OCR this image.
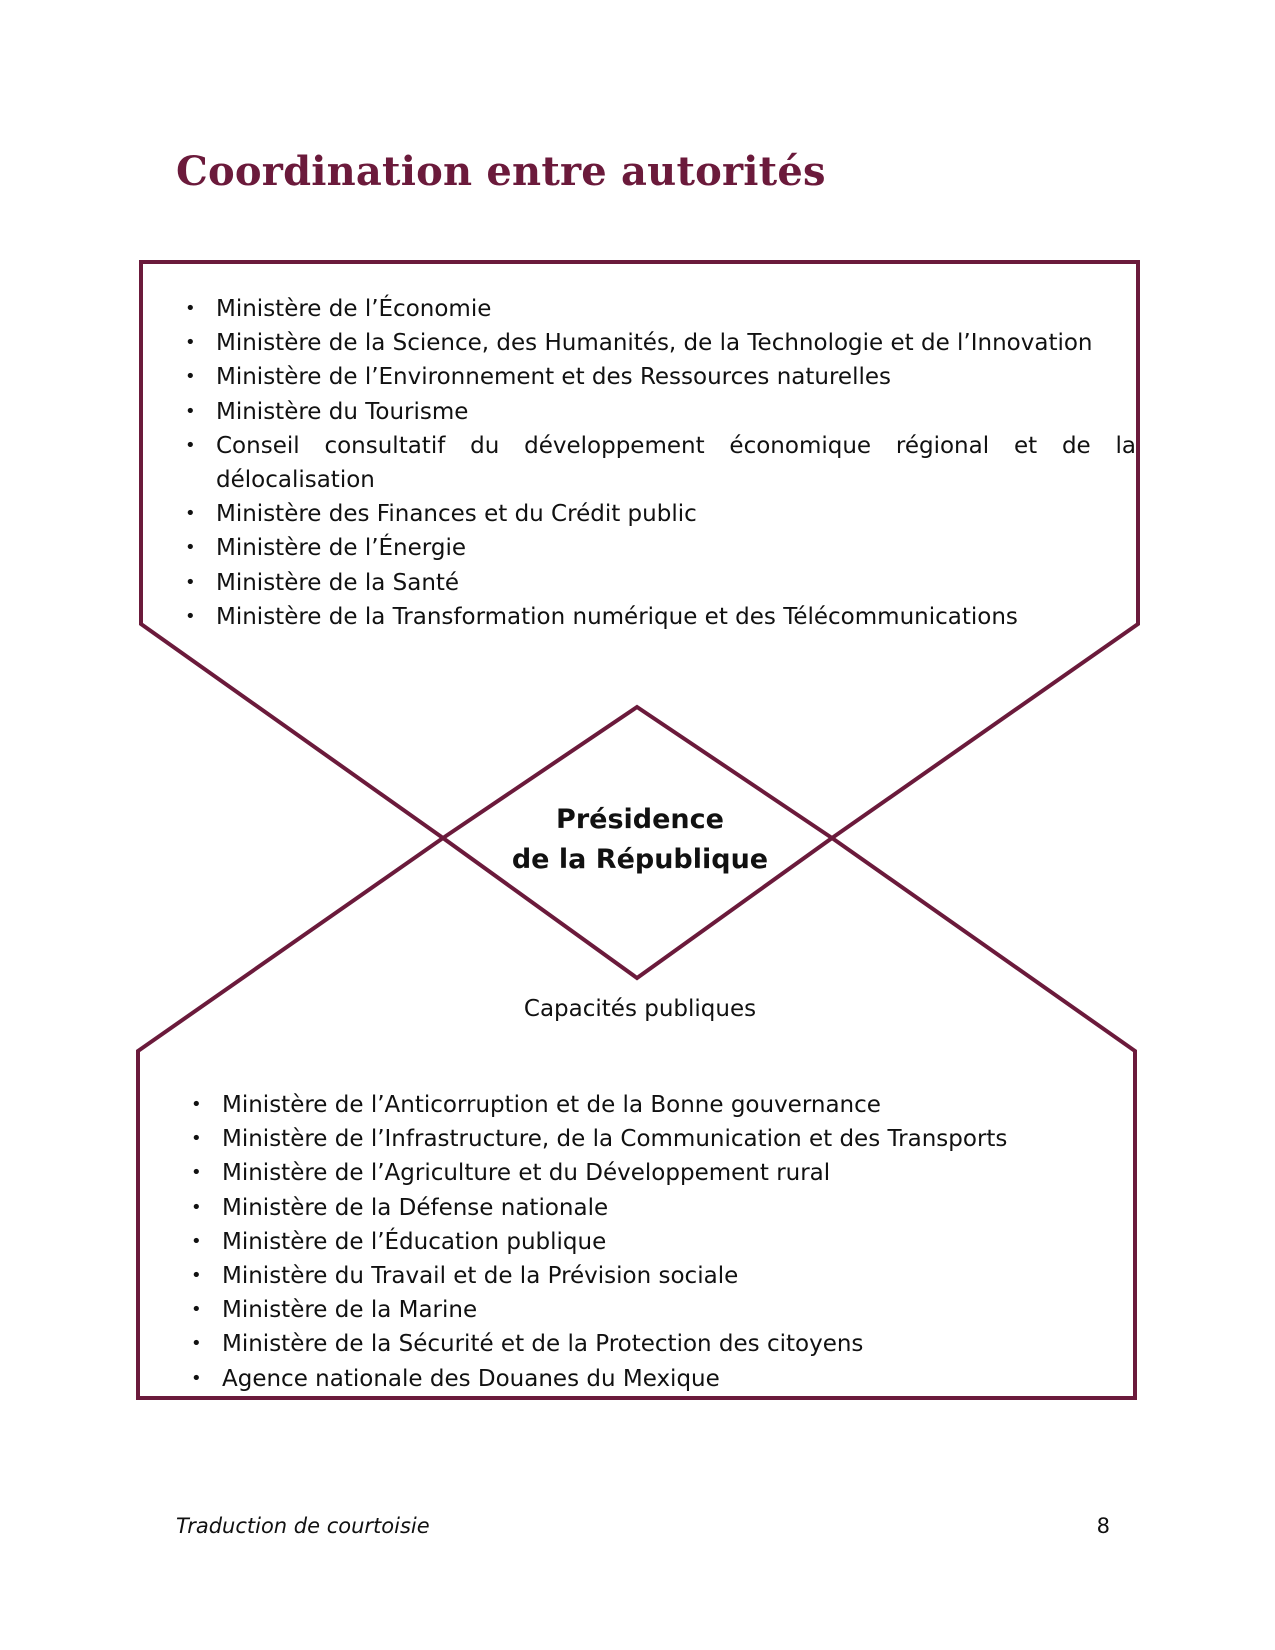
Coordination entre autorités
• Ministère de l’Économie
• Ministère de la Science, des Humanités, de la Technologie et de l’Innovation
• Ministère de l’Environnement et des Ressources naturelles
• Ministère du Tourisme
• Conseil consultatif du développement économique régional et de la délocalisation
• Ministère des Finances et du Crédit public
• Ministère de l’Énergie
• Ministère de la Santé
• Ministère de la Transformation numérique et des Télécommunications
Présidence
de la République
Capacités publiques
• Ministère de l’Anticorruption et de la Bonne gouvernance
• Ministère de l’Infrastructure, de la Communication et des Transports
• Ministère de l’Agriculture et du Développement rural
• Ministère de la Défense nationale
• Ministère de l’Éducation publique
• Ministère du Travail et de la Prévision sociale
• Ministère de la Marine
• Ministère de la Sécurité et de la Protection des citoyens
• Agence nationale des Douanes du Mexique
Traduction de courtoisie	8
